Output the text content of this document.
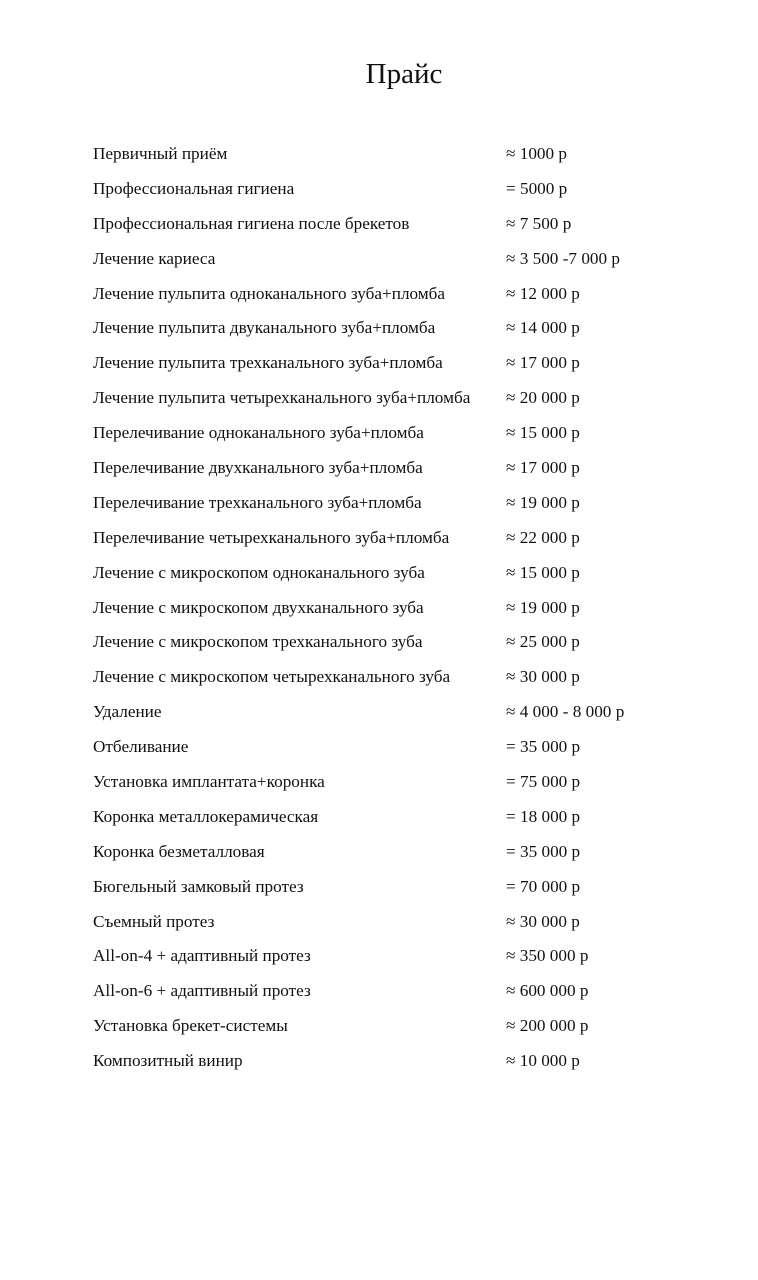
Прайс
Первичный приём	≈ 1000 р
Профессиональная гигиена	= 5000 р
Профессиональная гигиена после брекетов	≈ 7 500 р
Лечение кариеса	≈ 3 500 -7 000 р
Лечение пульпита одноканального зуба+пломба	≈ 12 000 р
Лечение пульпита двуканального зуба+пломба	≈ 14 000 р
Лечение пульпита трехканального зуба+пломба	≈ 17 000 р
Лечение пульпита четырехканального зуба+пломба ≈ 20 000 р
Перелечивание одноканального зуба+пломба	≈ 15 000 р
Перелечивание двухканального зуба+пломба	≈ 17 000 р
Перелечивание трехканального зуба+пломба	≈ 19 000 р
Перелечивание четырехканального зуба+пломба	≈ 22 000 р
Лечение с микроскопом одноканального зуба	≈ 15 000 р
Лечение с микроскопом двухканального зуба	≈ 19 000 р
Лечение с микроскопом трехканального зуба	≈ 25 000 р
Лечение с микроскопом четырехканального зуба	≈ 30 000 р
Удаление	≈ 4 000 - 8 000 р
Отбеливание	= 35 000 р
Установка имплантата+коронка	= 75 000 р
Коронка металлокерамическая	= 18 000 р
Коронка безметалловая	= 35 000 р
Бюгельный замковый протез	= 70 000 р
Съемный протез	≈ 30 000 р
All-on-4 + адаптивный протез	≈ 350 000 р
All-on-6 + адаптивный протез	≈ 600 000 р
Установка брекет-системы	≈ 200 000 р
Композитный винир	≈ 10 000 р
